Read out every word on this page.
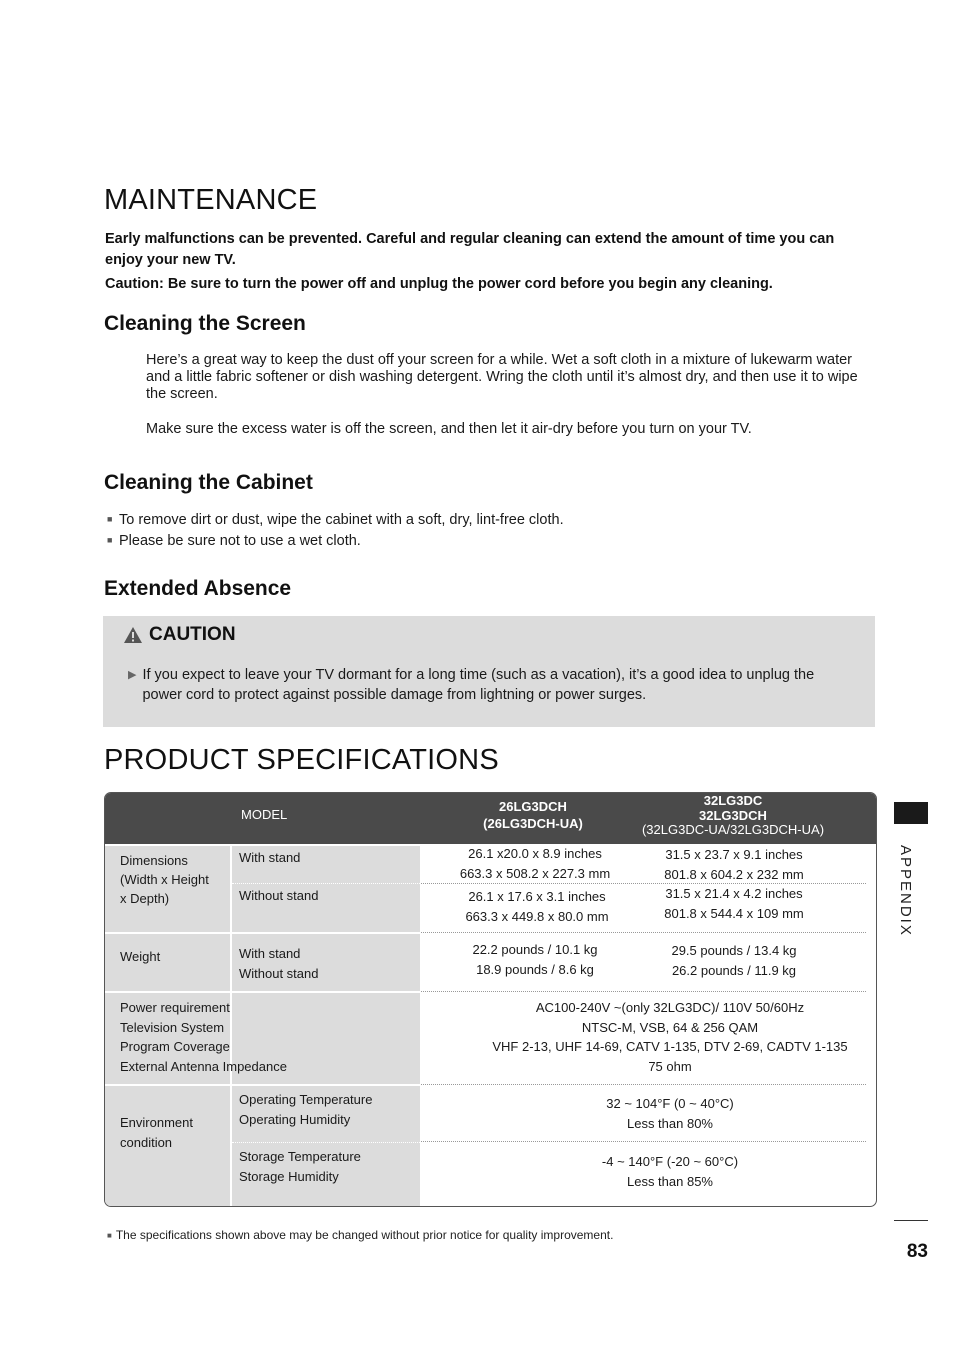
MAINTENANCE
Early malfunctions can be prevented. Careful and regular cleaning can extend the amount of time you can enjoy your new TV.
Caution: Be sure to turn the power off and unplug the power cord before you begin any cleaning.
Cleaning the Screen
Here’s a great way to keep the dust off your screen for a while. Wet a soft cloth in a mixture of lukewarm water and a little fabric softener or dish washing detergent. Wring the cloth until it’s almost dry, and then use it to wipe the screen.
Make sure the excess water is off the screen, and then let it air-dry before you turn on your TV.
Cleaning the Cabinet
■ To remove dirt or dust, wipe the cabinet with a soft, dry, lint-free cloth.
■ Please be sure not to use a wet cloth.
Extended Absence
CAUTION
▶ If you expect to leave your TV dormant for a long time (such as a vacation), it’s a good idea to unplug the power cord to protect against possible damage from lightning or power surges.
PRODUCT SPECIFICATIONS
MODEL
26LG3DCH
(26LG3DCH-UA)
32LG3DC
32LG3DCH
(32LG3DC-UA/32LG3DCH-UA)
Dimensions
(Width x Height
x Depth)
With stand
Without stand
26.1 x20.0 x 8.9 inches
663.3 x 508.2 x 227.3 mm
31.5 x 23.7 x 9.1 inches
801.8 x 604.2 x 232 mm
26.1 x 17.6 x 3.1 inches
663.3 x 449.8 x 80.0 mm
31.5 x 21.4 x 4.2 inches
801.8 x 544.4 x 109 mm
Weight	With stand
Without stand
22.2 pounds / 10.1 kg
18.9 pounds / 8.6 kg
29.5 pounds / 13.4 kg
26.2 pounds / 11.9 kg
Power requirement
Television System
Program Coverage
External Antenna Impedance
AC100-240V ~(only 32LG3DC)/ 110V 50/60Hz
NTSC-M, VSB, 64 & 256 QAM
VHF 2-13, UHF 14-69, CATV 1-135, DTV 2-69, CADTV 1-135
75 ohm
Environment
condition
Operating Temperature
Operating Humidity
Storage Temperature
Storage Humidity
32 ~ 104°F (0 ~ 40°C)
Less than 80%
-4 ~ 140°F (-20 ~ 60°C)
Less than 85%
■ The specifications shown above may be changed without prior notice for quality improvement.
APPENDIX
83
